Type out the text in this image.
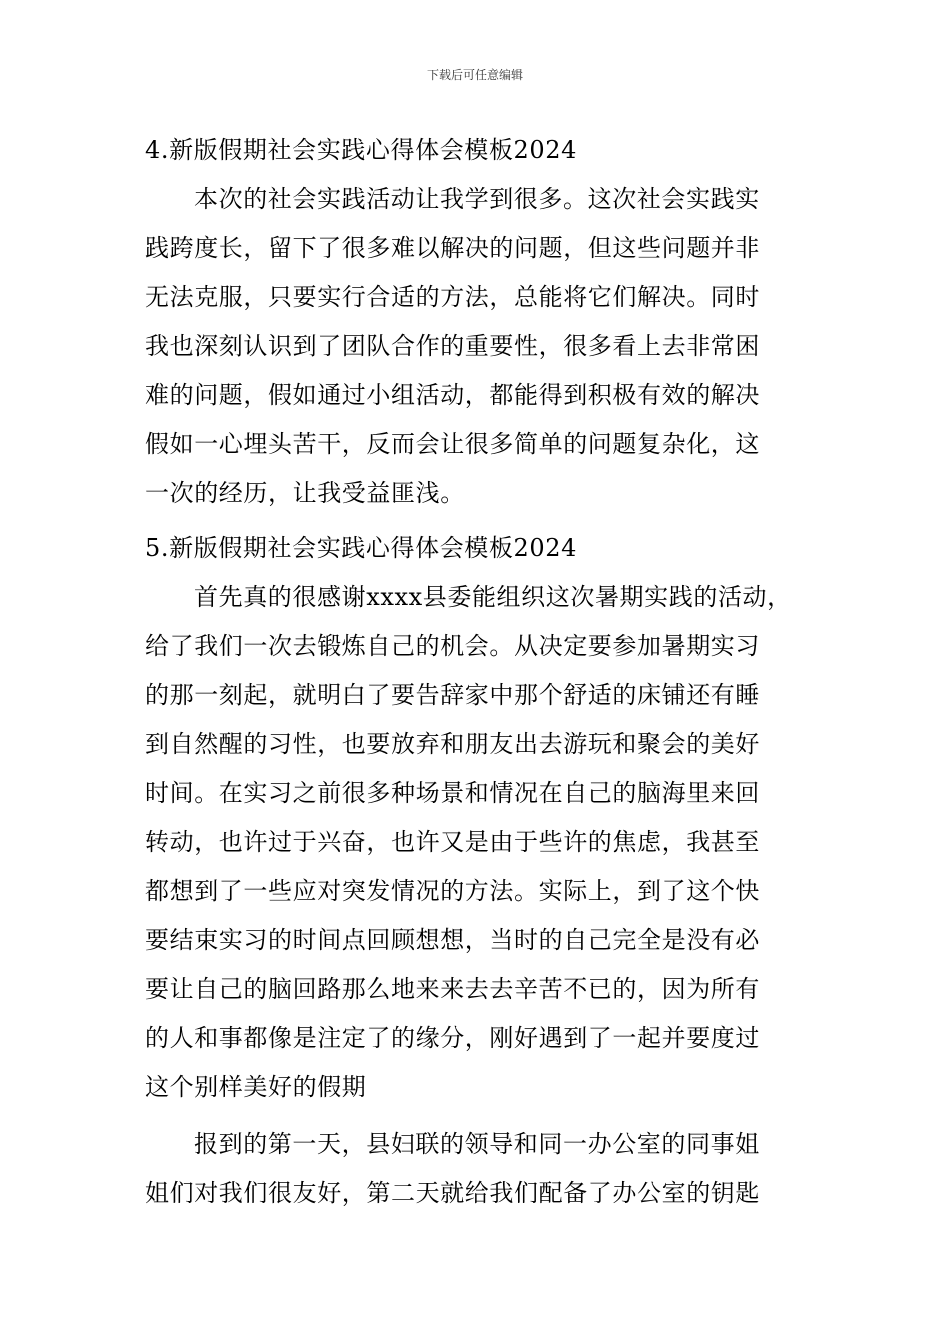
下载后可任意编辑
4.新版假期社会实践心得体会模板2024
本次的社会实践活动让我学到很多。这次社会实践实
践跨度长，留下了很多难以解决的问题，但这些问题并非
无法克服，只要实行合适的方法，总能将它们解决。同时
我也深刻认识到了团队合作的重要性，很多看上去非常困
难的问题，假如通过小组活动，都能得到积极有效的解决
假如一心埋头苦干，反而会让很多简单的问题复杂化，这
一次的经历，让我受益匪浅。
5.新版假期社会实践心得体会模板2024
首先真的很感谢xxxx县委能组织这次暑期实践的活动，
给了我们一次去锻炼自己的机会。从决定要参加暑期实习
的那一刻起，就明白了要告辞家中那个舒适的床铺还有睡
到自然醒的习性，也要放弃和朋友出去游玩和聚会的美好
时间。在实习之前很多种场景和情况在自己的脑海里来回
转动，也许过于兴奋，也许又是由于些许的焦虑，我甚至
都想到了一些应对突发情况的方法。实际上，到了这个快
要结束实习的时间点回顾想想，当时的自己完全是没有必
要让自己的脑回路那么地来来去去辛苦不已的，因为所有
的人和事都像是注定了的缘分，刚好遇到了一起并要度过
这个别样美好的假期
报到的第一天，县妇联的领导和同一办公室的同事姐
姐们对我们很友好，第二天就给我们配备了办公室的钥匙
